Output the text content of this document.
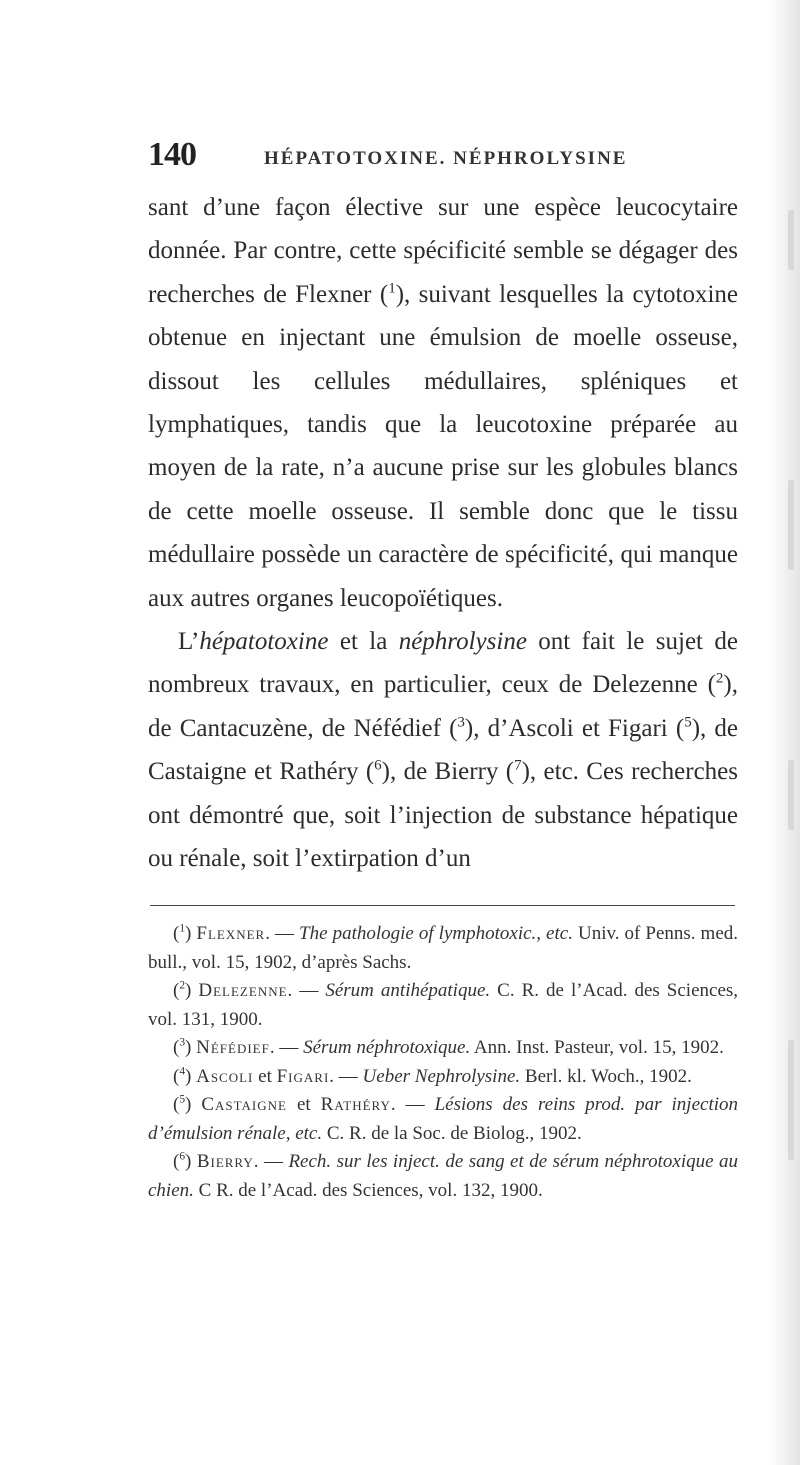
140	HÉPATOTOXINE. NÉPHROLYSINE

sant d’une façon élective sur une espèce leucocytaire donnée. Par contre, cette spécificité semble se dégager des recherches de Flexner ($^1$), suivant lesquelles la cytotoxine obtenue en injectant une émulsion de moelle osseuse, dissout les cellules médullaires, spléniques et lymphatiques, tandis que la leucotoxine préparée au moyen de la rate, n’a aucune prise sur les globules blancs de cette moelle osseuse. Il semble donc que le tissu médullaire possède un caractère de spécificité, qui manque aux autres organes leucopoïétiques.

L’hépatotoxine et la néphrolysine ont fait le sujet de nombreux travaux, en particulier, ceux de Delezenne ($^2$), de Cantacuzène, de Néfédief ($^3$), d’Ascoli et Figari ($^5$), de Castaigne et Rathéry ($^6$), de Bierry ($^7$), etc. Ces recherches ont démontré que, soit l’injection de substance hépatique ou rénale, soit l’extirpation d’un

($^1$) Flexner. — The pathologie of lymphotoxic., etc. Univ. of Penns. med. bull., vol. 15, 1902, d’après Sachs.

($^2$) Delezenne. — Sérum antihépatique. C. R. de l’Acad. des Sciences, vol. 131, 1900.

($^3$) Néfédief. — Sérum néphrotoxique. Ann. Inst. Pasteur, vol. 15, 1902.

($^4$) Ascoli et Figari. — Ueber Nephrolysine. Berl. kl. Woch., 1902.

($^5$) Castaigne et Rathéry. — Lésions des reins prod. par injection d’émulsion rénale, etc. C. R. de la Soc. de Biolog., 1902.

($^6$) Bierry. — Rech. sur les inject. de sang et de sérum néphrotoxique au chien. C R. de l’Acad. des Sciences, vol. 132, 1900.
